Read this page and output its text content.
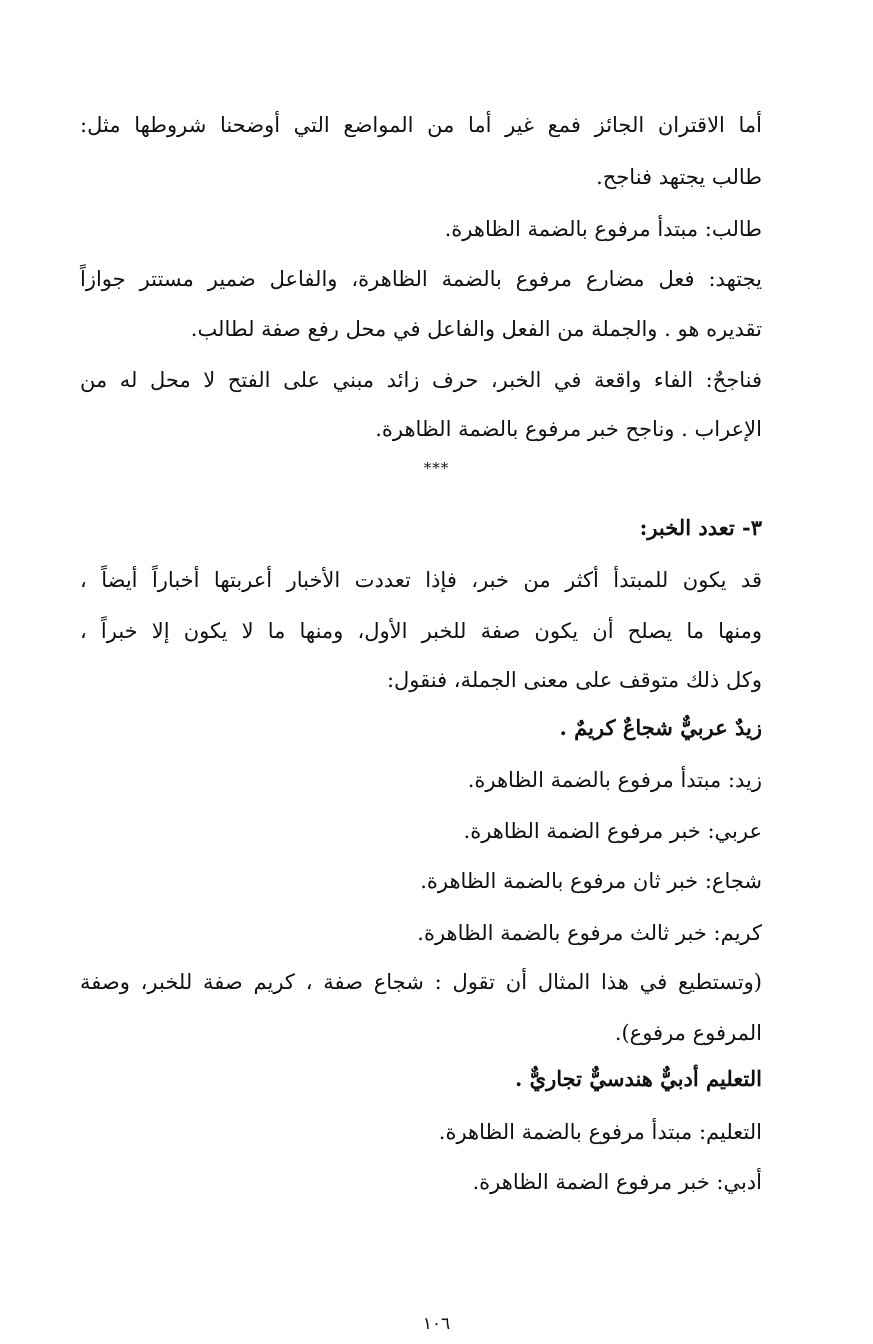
أما الاقتران الجائز فمع غير أما من المواضع التي أوضحنا شروطها مثل:
طالب يجتهد فناجح.
طالب: مبتدأ مرفوع بالضمة الظاهرة.
يجتهد: فعل مضارع مرفوع بالضمة الظاهرة، والفاعل ضمير مستتر جوازاً
تقديره هو . والجملة من الفعل والفاعل في محل رفع صفة لطالب.
فناجحٌ: الفاء واقعة في الخبر، حرف زائد مبني على الفتح لا محل له من
الإعراب . وناجح خبر مرفوع بالضمة الظاهرة.
***
٣- تعدد الخبر:
قد يكون للمبتدأ أكثر من خبر، فإذا تعددت الأخبار أعربتها أخباراً أيضاً ،
ومنها ما يصلح أن يكون صفة للخبر الأول، ومنها ما لا يكون إلا خبراً ،
وكل ذلك متوقف على معنى الجملة، فنقول:
زيدٌ عربيٌّ شجاعٌ كريمٌ .
زيد: مبتدأ مرفوع بالضمة الظاهرة.
عربي: خبر مرفوع الضمة الظاهرة.
شجاع: خبر ثان مرفوع بالضمة الظاهرة.
كريم: خبر ثالث مرفوع بالضمة الظاهرة.
(وتستطيع في هذا المثال أن تقول : شجاع صفة ، كريم صفة للخبر، وصفة
المرفوع مرفوع).
التعليم أدبيٌّ هندسيٌّ تجاريٌّ .
التعليم: مبتدأ مرفوع بالضمة الظاهرة.
أدبي: خبر مرفوع الضمة الظاهرة.
١٠٦
